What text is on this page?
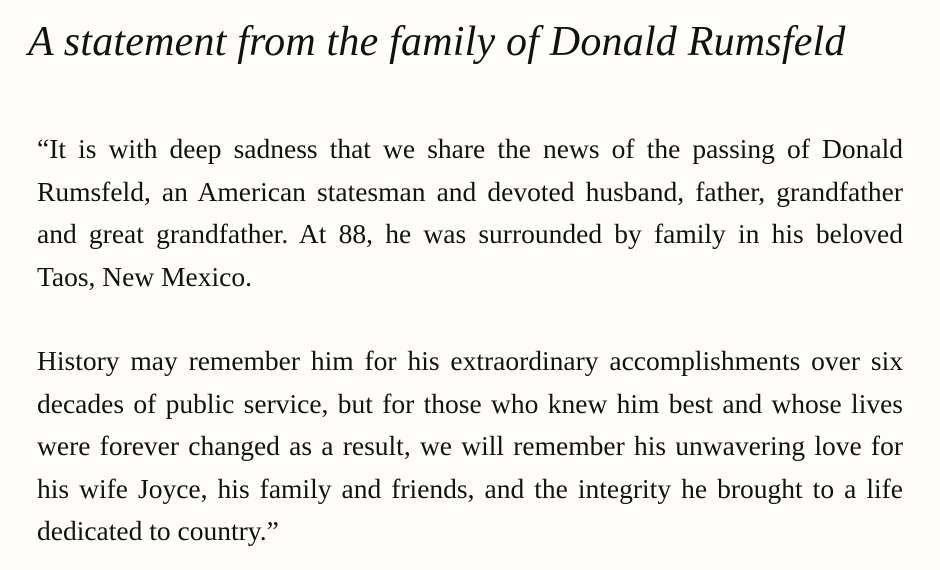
A statement from the family of Donald Rumsfeld

“It is with deep sadness that we share the news of the passing of Donald Rumsfeld, an American statesman and devoted husband, father, grandfather and great grandfather. At 88, he was surrounded by family in his beloved Taos, New Mexico.

History may remember him for his extraordinary accomplishments over six decades of public service, but for those who knew him best and whose lives were forever changed as a result, we will remember his unwavering love for his wife Joyce, his family and friends, and the integrity he brought to a life dedicated to country.”
